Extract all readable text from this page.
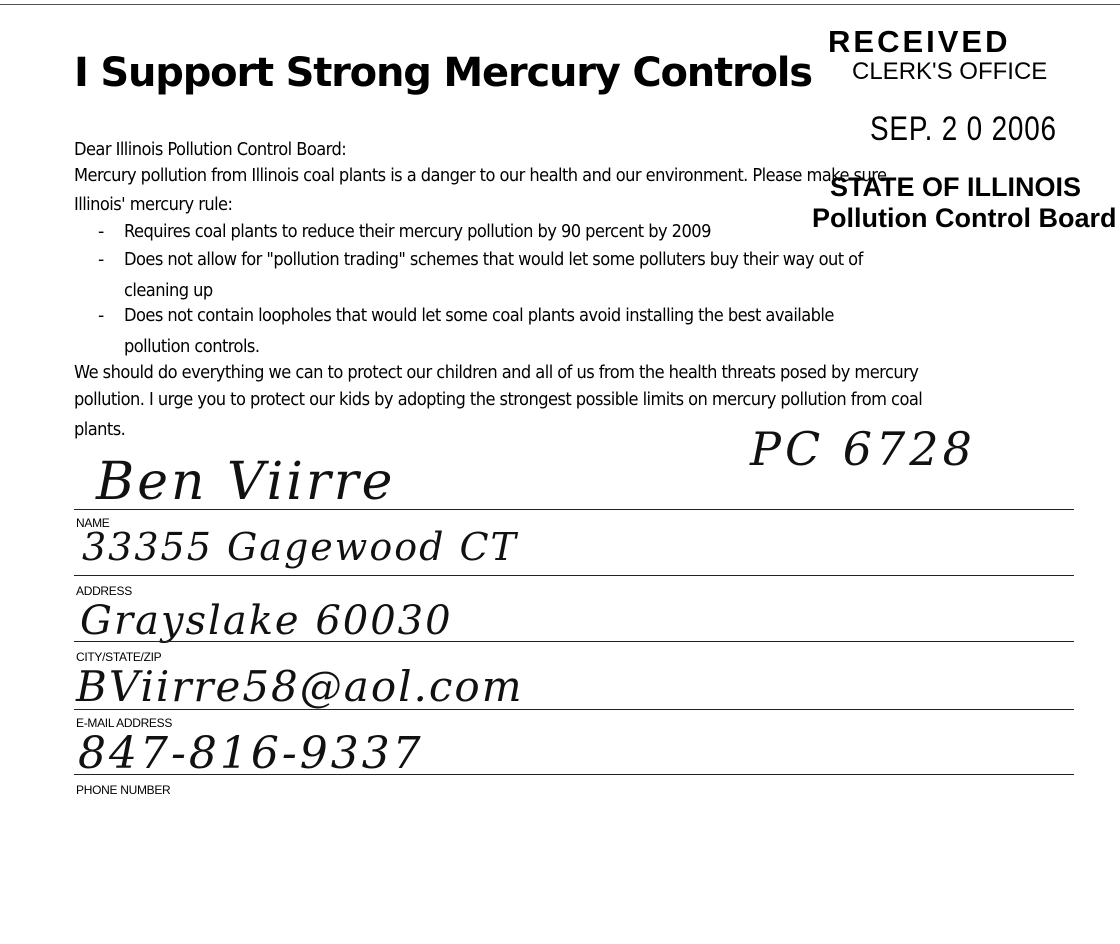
I Support Strong Mercury Controls
RECEIVED
CLERK'S OFFICE
SEP. 2 0 2006
Dear Illinois Pollution Control Board:
Mercury pollution from Illinois coal plants is a danger to our health and our environment. Please make sure
Illinois' mercury rule:
STATE OF ILLINOIS
Pollution Control Board
- Requires coal plants to reduce their mercury pollution by 90 percent by 2009
- Does not allow for "pollution trading" schemes that would let some polluters buy their way out of
cleaning up
- Does not contain loopholes that would let some coal plants avoid installing the best available
pollution controls.
We should do everything we can to protect our children and all of us from the health threats posed by mercury
pollution. I urge you to protect our kids by adopting the strongest possible limits on mercury pollution from coal
plants.	PC 6728
Ben Viirre
NAME
33355 Gagewood CT
ADDRESS
Grayslake 60030
CITY/STATE/ZIP
BViirre58@aol.com
E-MAIL ADDRESS
847-816-9337
PHONE NUMBER
